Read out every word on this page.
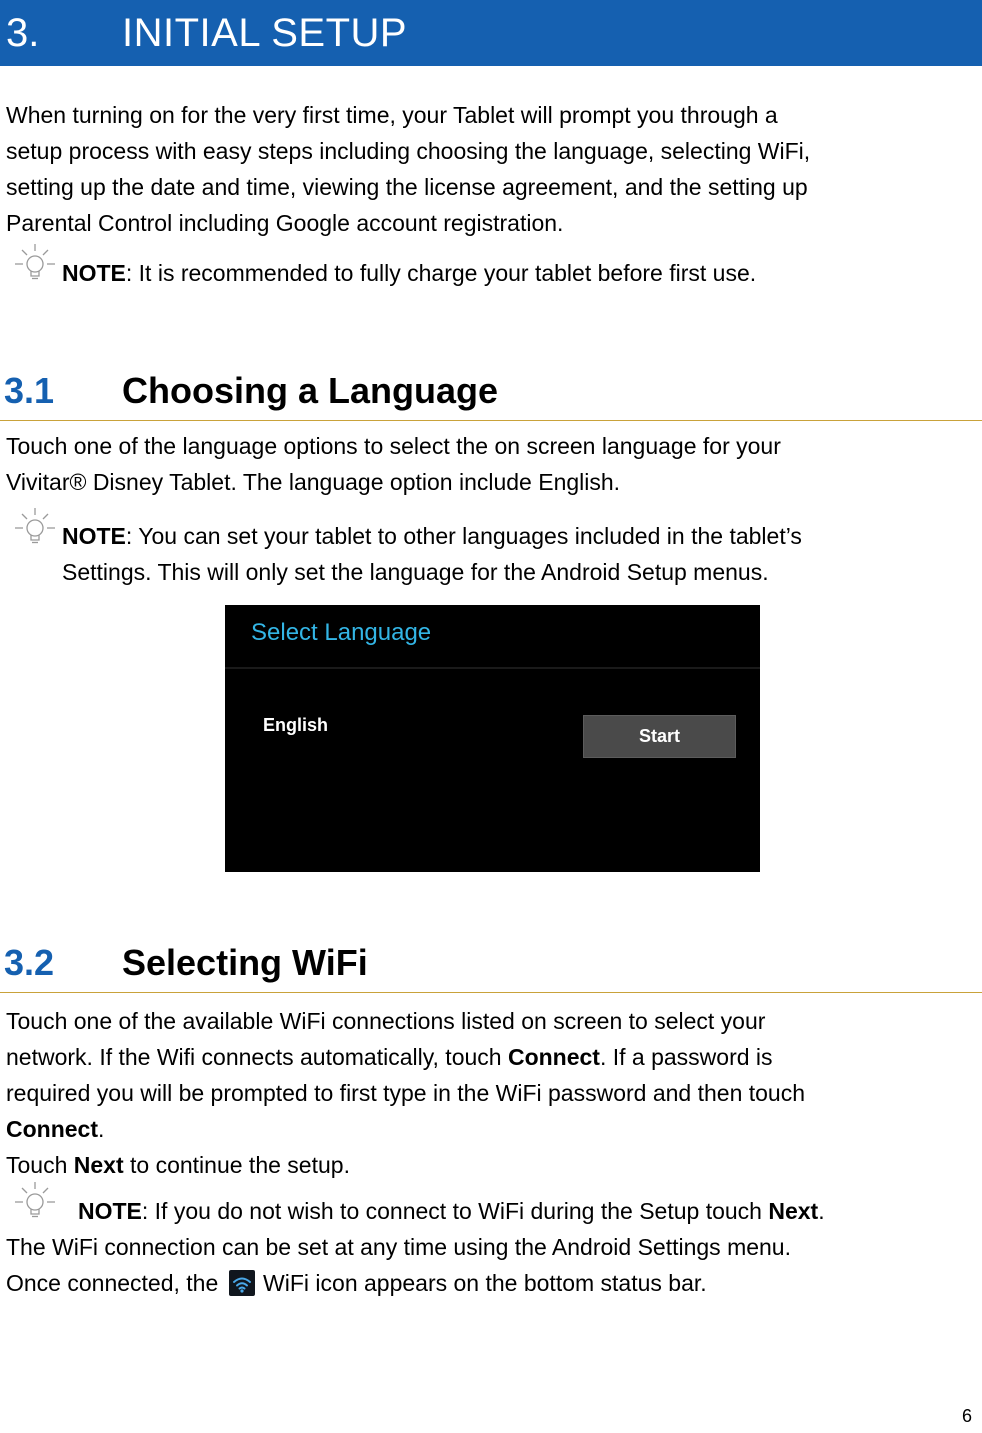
3. INITIAL SETUP
When turning on for the very first time, your Tablet will prompt you through a
setup process with easy steps including choosing the language, selecting WiFi,
setting up the date and time, viewing the license agreement, and the setting up
Parental Control including Google account registration.
NOTE: It is recommended to fully charge your tablet before first use.
3.1 Choosing a Language
Touch one of the language options to select the on screen language for your
Vivitar® Disney Tablet. The language option include English.
NOTE: You can set your tablet to other languages included in the tablet’s
Settings. This will only set the language for the Android Setup menus.
Select Language
English
Start
3.2 Selecting WiFi
Touch one of the available WiFi connections listed on screen to select your
network. If the Wifi connects automatically, touch Connect. If a password is
required you will be prompted to first type in the WiFi password and then touch
Connect.
Touch Next to continue the setup.
NOTE: If you do not wish to connect to WiFi during the Setup touch Next.
The WiFi connection can be set at any time using the Android Settings menu.
Once connected, the  WiFi icon appears on the bottom status bar.
6
